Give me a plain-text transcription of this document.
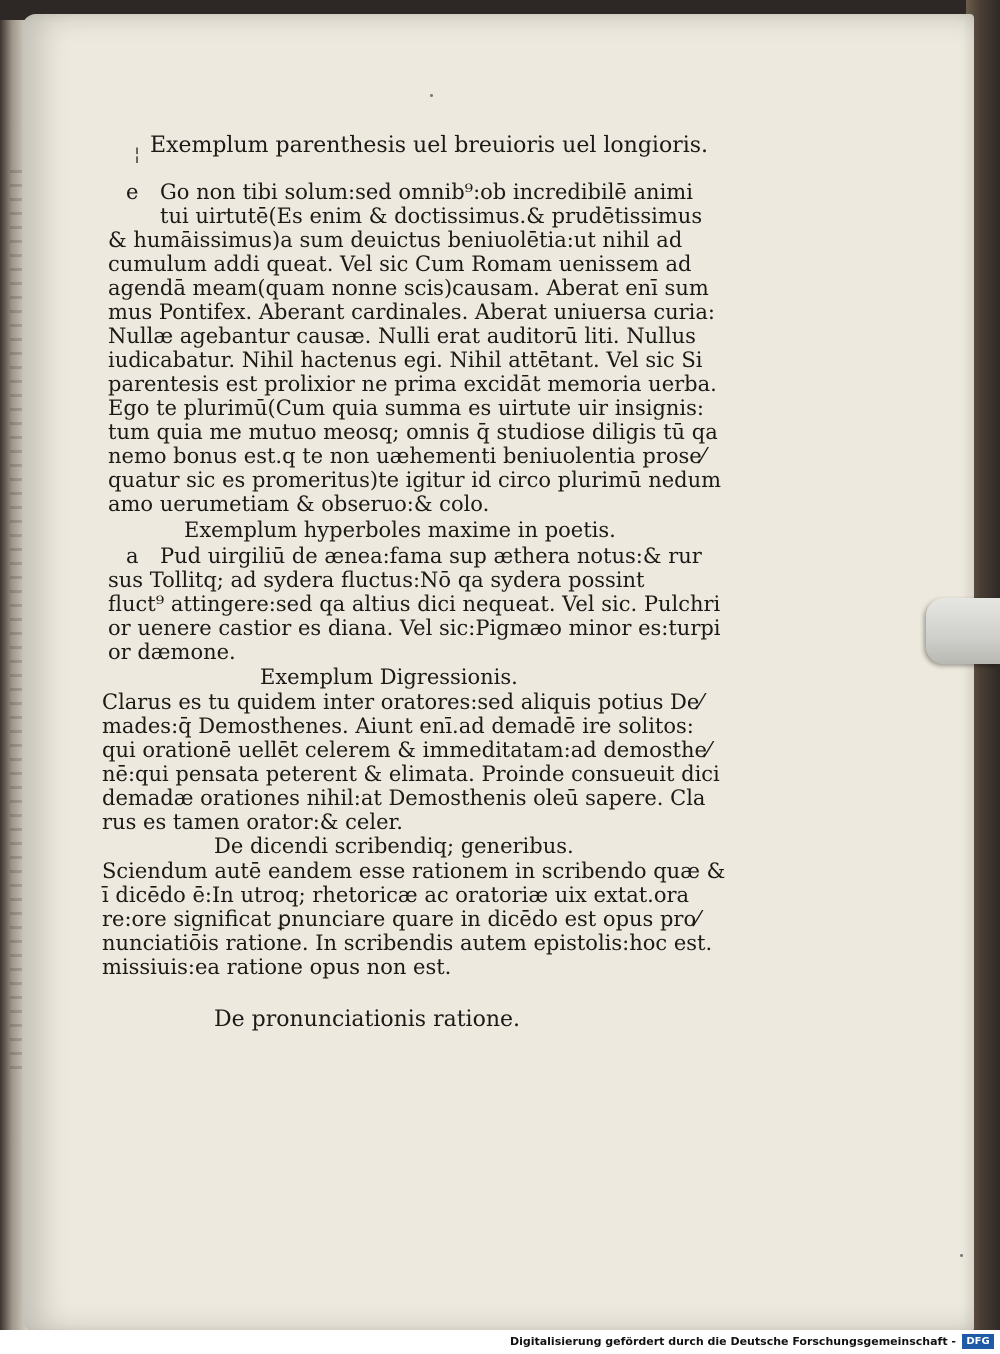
¦ Exemplum parenthesis uel breuioris uel longioris.
e Go non tibi solum:sed omnib⁹:ob incredibilē animi
tui uirtutē(Es enim & doctissimus.& prudētissimus
& humāissimus)a sum deuictus beniuolētia:ut nihil ad
cumulum addi queat. Vel sic Cum Romam uenissem ad
agendā meam(quam nonne scis)causam. Aberat enī sum
mus Pontifex. Aberant cardinales. Aberat uniuersa curia:
Nullæ agebantur causæ. Nulli erat auditorū liti. Nullus
iudicabatur. Nihil hactenus egi. Nihil attētant. Vel sic Si
parentesis est prolixior ne prima excidāt memoria uerba.
Ego te plurimū(Cum quia summa es uirtute uir insignis:
tum quia me mutuo meosq; omnis q̄ studiose diligis tū qa
nemo bonus est.q te non uæhementi beniuolentia prose⁄
quatur sic es promeritus)te igitur id circo plurimū nedum
amo uerumetiam & obseruo:& colo.
Exemplum hyperboles maxime in poetis.
a Pud uirgiliū de æneа:fama sup æthera notus:& rur
sus Tollitq; ad sydera fluctus:Nō qa sydera possint
fluct⁹ attingere:sed qa altius dici nequeat. Vel sic. Pulchri
or uenere castior es diana. Vel sic:Pigmæo minor es:turpi
or dæmone.
Exemplum Digressionis.
Clarus es tu quidem inter oratores:sed aliquis potius De⁄
mades:q̄ Demosthenes. Aiunt enī.ad demadē ire solitos:
qui orationē uellēt celerem & immeditatam:ad demosthe⁄
nē:qui pensata peterent & elimata. Proinde consueuit dici
demadæ orationes nihil:at Demosthenis oleū sapere. Cla
rus es tamen orator:& celer.
De dicendi scribendiq; generibus.
Sciendum autē eandem esse rationem in scribendo quæ &
ī dicēdo ē:In utroq; rhetoricæ ac oratoriæ uix extat.ora
re:ore significat ꝑnunciare quare in dicēdo est opus pro⁄
nunciatiōis ratione. In scribendis autem epistolis:hoc est.
missiuis:ea ratione opus non est.
De pronunciationis ratione.
Digitalisierung gefördert durch die Deutsche Forschungsgemeinschaft -	DFG
